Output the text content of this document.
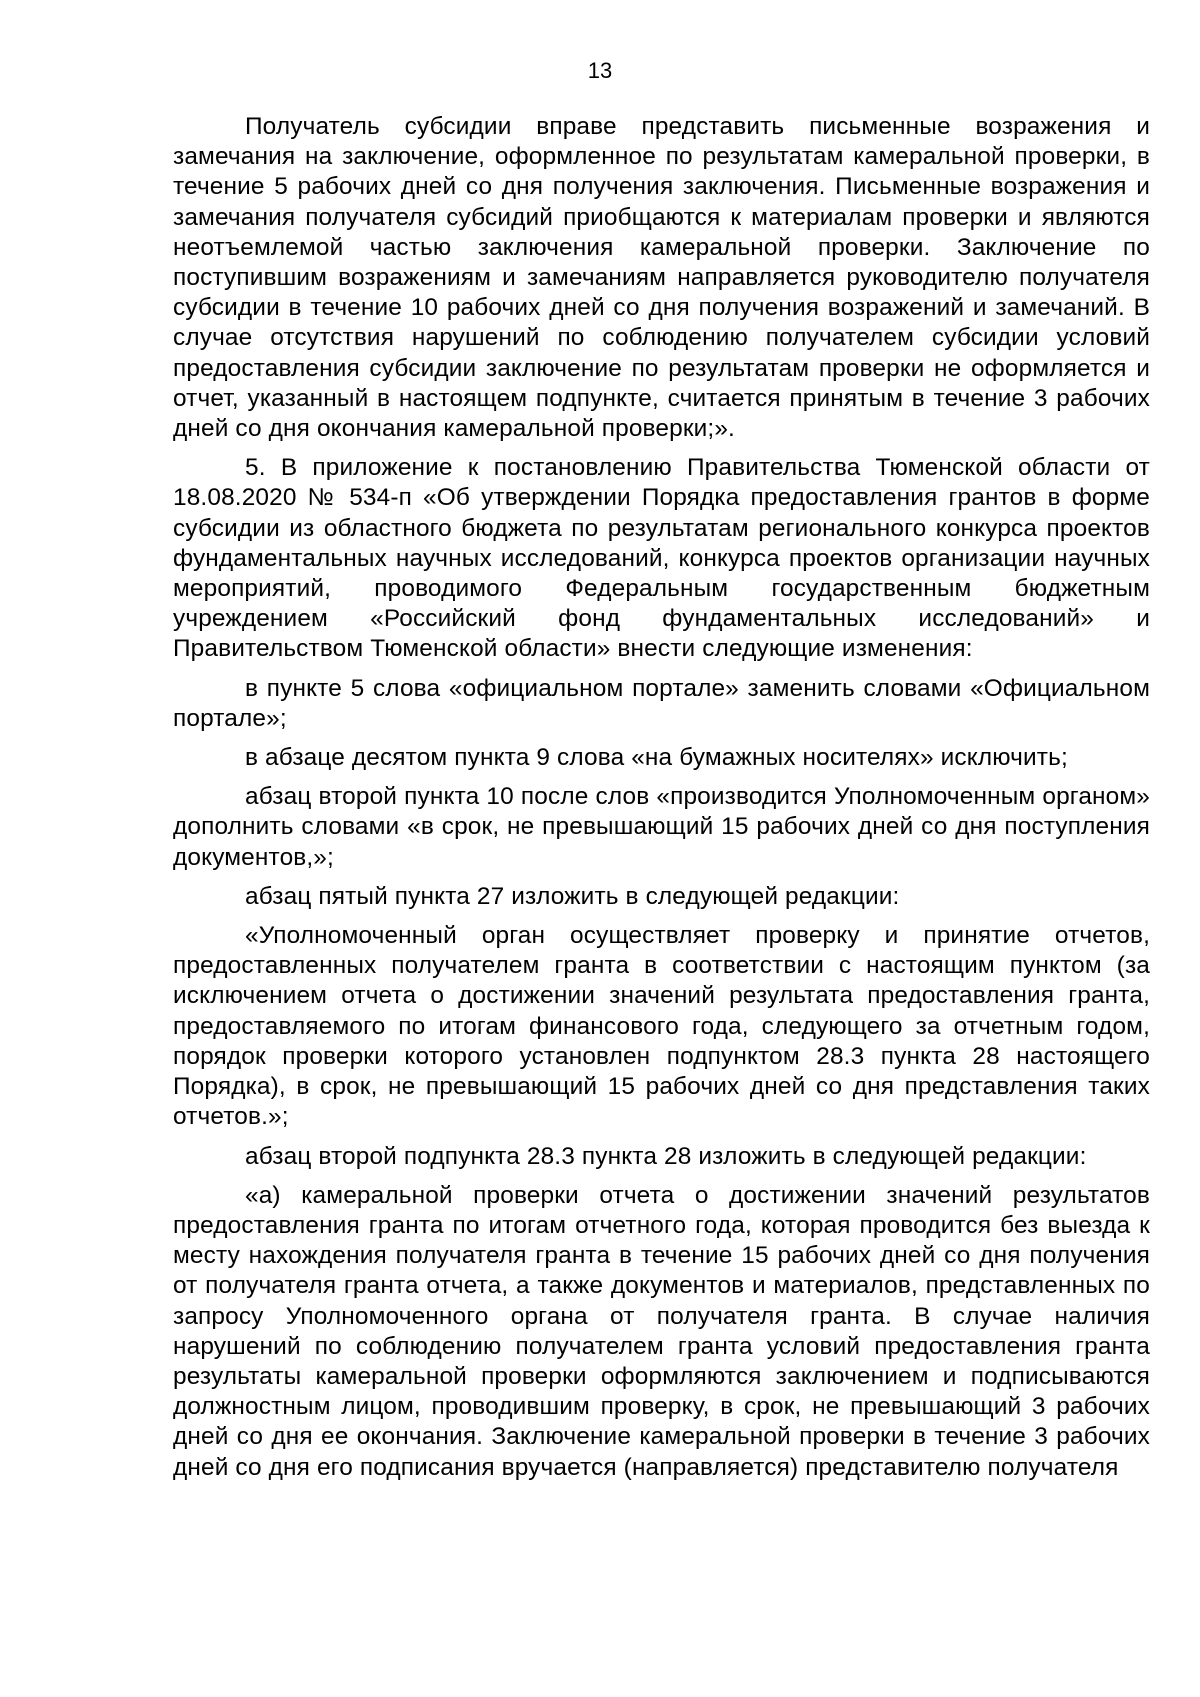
13

Получатель субсидии вправе представить письменные возражения и замечания на заключение, оформленное по результатам камеральной проверки, в течение 5 рабочих дней со дня получения заключения. Письменные возражения и замечания получателя субсидий приобщаются к материалам проверки и являются неотъемлемой частью заключения камеральной проверки. Заключение по поступившим возражениям и замечаниям направляется руководителю получателя субсидии в течение 10 рабочих дней со дня получения возражений и замечаний. В случае отсутствия нарушений по соблюдению получателем субсидии условий предоставления субсидии заключение по результатам проверки не оформляется и отчет, указанный в настоящем подпункте, считается принятым в течение 3 рабочих дней со дня окончания камеральной проверки;».

5. В приложение к постановлению Правительства Тюменской области от 18.08.2020 № 534-п «Об утверждении Порядка предоставления грантов в форме субсидии из областного бюджета по результатам регионального конкурса проектов фундаментальных научных исследований, конкурса проектов организации научных мероприятий, проводимого Федеральным государственным бюджетным учреждением «Российский фонд фундаментальных исследований» и Правительством Тюменской области» внести следующие изменения:

в пункте 5 слова «официальном портале» заменить словами «Официальном портале»;

в абзаце десятом пункта 9 слова «на бумажных носителях» исключить;

абзац второй пункта 10 после слов «производится Уполномоченным органом» дополнить словами «в срок, не превышающий 15 рабочих дней со дня поступления документов,»;

абзац пятый пункта 27 изложить в следующей редакции:

«Уполномоченный орган осуществляет проверку и принятие отчетов, предоставленных получателем гранта в соответствии с настоящим пунктом (за исключением отчета о достижении значений результата предоставления гранта, предоставляемого по итогам финансового года, следующего за отчетным годом, порядок проверки которого установлен подпунктом 28.3 пункта 28 настоящего Порядка), в срок, не превышающий 15 рабочих дней со дня представления таких отчетов.»;

абзац второй подпункта 28.3 пункта 28 изложить в следующей редакции:

«а) камеральной проверки отчета о достижении значений результатов предоставления гранта по итогам отчетного года, которая проводится без выезда к месту нахождения получателя гранта в течение 15 рабочих дней со дня получения от получателя гранта отчета, а также документов и материалов, представленных по запросу Уполномоченного органа от получателя гранта. В случае наличия нарушений по соблюдению получателем гранта условий предоставления гранта результаты камеральной проверки оформляются заключением и подписываются должностным лицом, проводившим проверку, в срок, не превышающий 3 рабочих дней со дня ее окончания. Заключение камеральной проверки в течение 3 рабочих дней со дня его подписания вручается (направляется) представителю получателя
